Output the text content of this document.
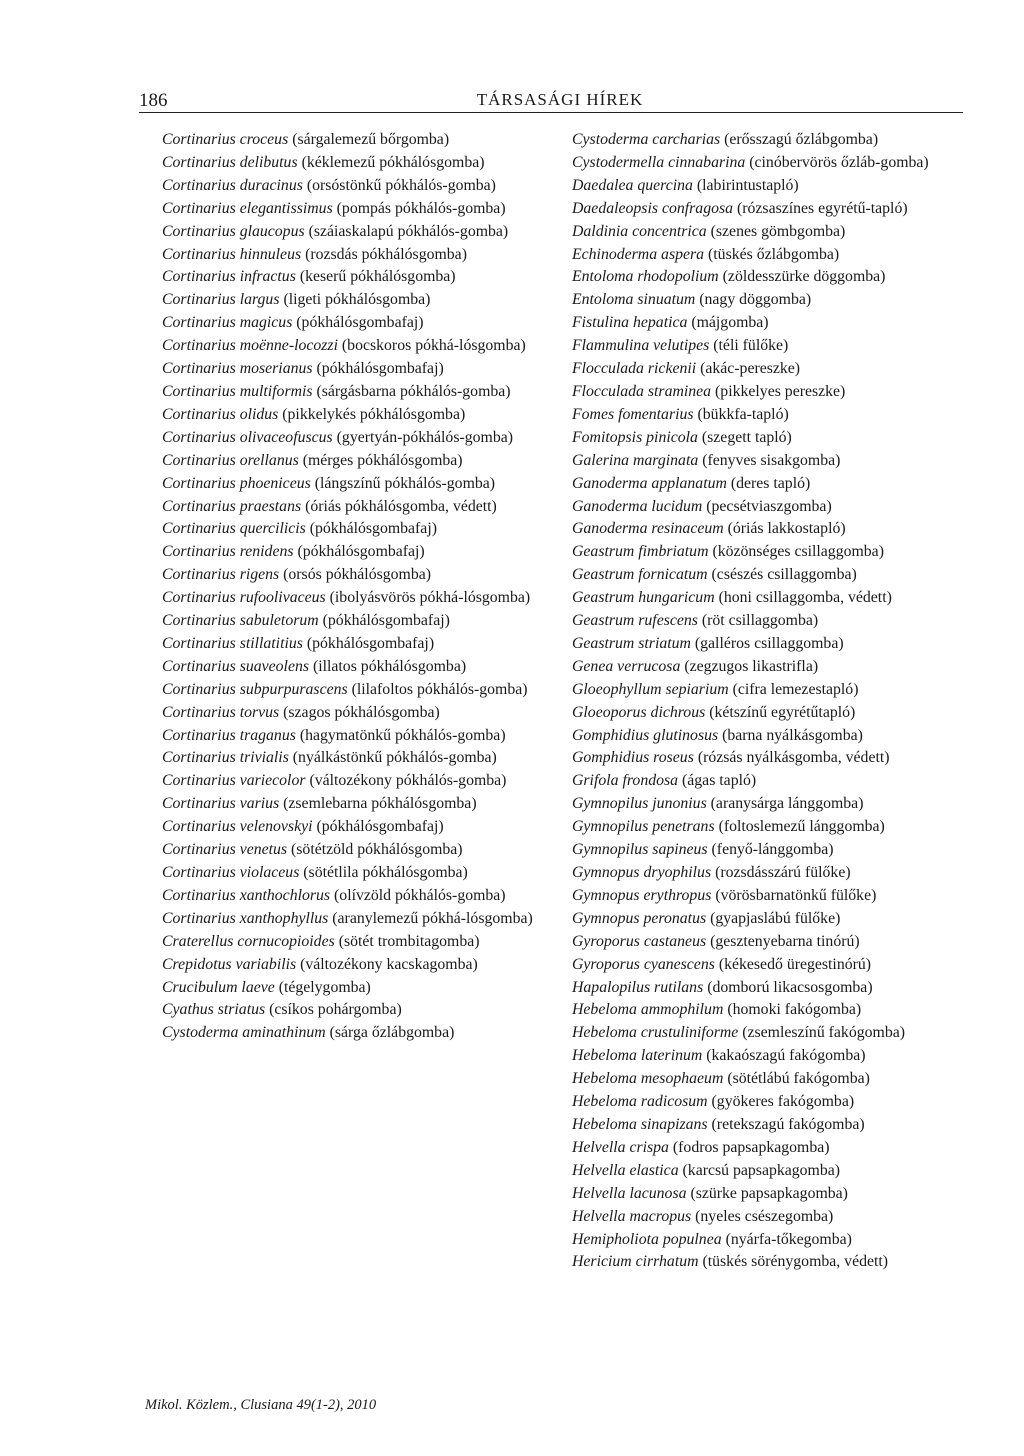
186	TÁRSASÁGI HÍREK

Cortinarius croceus (sárgalemezű bőrgomba)

Cortinarius delibutus (kéklemezű pókhálósgomba)

Cortinarius duracinus (orsóstönkű pókhálós-gomba)

Cortinarius elegantissimus (pompás pókhálós-gomba)

Cortinarius glaucopus (száiaskalapú pókhálós-gomba)

Cortinarius hinnuleus (rozsdás pókhálósgomba)

Cortinarius infractus (keserű pókhálósgomba)

Cortinarius largus (ligeti pókhálósgomba)

Cortinarius magicus (pókhálósgombafaj)

Cortinarius moënne-locozzi (bocskoros pókhá-lósgomba)

Cortinarius moserianus (pókhálósgombafaj)

Cortinarius multiformis (sárgásbarna pókhálós-gomba)

Cortinarius olidus (pikkelykés pókhálósgomba)

Cortinarius olivaceofuscus (gyertyán-pókhálós-gomba)

Cortinarius orellanus (mérges pókhálósgomba)

Cortinarius phoeniceus (lángszínű pókhálós-gomba)

Cortinarius praestans (óriás pókhálósgomba, védett)

Cortinarius quercilicis (pókhálósgombafaj)

Cortinarius renidens (pókhálósgombafaj)

Cortinarius rigens (orsós pókhálósgomba)

Cortinarius rufoolivaceus (ibolyásvörös pókhá-lósgomba)

Cortinarius sabuletorum (pókhálósgombafaj)

Cortinarius stillatitius (pókhálósgombafaj)

Cortinarius suaveolens (illatos pókhálósgomba)

Cortinarius subpurpurascens (lilafoltos pókhálós-gomba)

Cortinarius torvus (szagos pókhálósgomba)

Cortinarius traganus (hagymatönkű pókhálós-gomba)

Cortinarius trivialis (nyálkástönkű pókhálós-gomba)

Cortinarius variecolor (változékony pókhálós-gomba)

Cortinarius varius (zsemlebarna pókhálósgomba)

Cortinarius velenovskyi (pókhálósgombafaj)

Cortinarius venetus (sötétzöld pókhálósgomba)

Cortinarius violaceus (sötétlila pókhálósgomba)

Cortinarius xanthochlorus (olívzöld pókhálós-gomba)

Cortinarius xanthophyllus (aranylemezű pókhá-lósgomba)

Craterellus cornucopioides (sötét trombitagomba)

Crepidotus variabilis (változékony kacskagomba)

Crucibulum laeve (tégelygomba)

Cyathus striatus (csíkos pohárgomba)

Cystoderma aminathinum (sárga őzlábgomba)

Cystoderma carcharias (erősszagú őzlábgomba)

Cystodermella cinnabarina (cinóbervörös őzláb-gomba)

Daedalea quercina (labirintustapló)

Daedaleopsis confragosa (rózsaszínes egyrétű-tapló)

Daldinia concentrica (szenes gömbgomba)

Echinoderma aspera (tüskés őzlábgomba)

Entoloma rhodopolium (zöldesszürke döggomba)

Entoloma sinuatum (nagy döggomba)

Fistulina hepatica (májgomba)

Flammulina velutipes (téli fülőke)

Flocculada rickenii (akác-pereszke)

Flocculada straminea (pikkelyes pereszke)

Fomes fomentarius (bükkfa-tapló)

Fomitopsis pinicola (szegett tapló)

Galerina marginata (fenyves sisakgomba)

Ganoderma applanatum (deres tapló)

Ganoderma lucidum (pecsétviaszgomba)

Ganoderma resinaceum (óriás lakkostapló)

Geastrum fimbriatum (közönséges csillaggomba)

Geastrum fornicatum (csészés csillaggomba)

Geastrum hungaricum (honi csillaggomba, védett)

Geastrum rufescens (röt csillaggomba)

Geastrum striatum (galléros csillaggomba)

Genea verrucosa (zegzugos likastrifla)

Gloeophyllum sepiarium (cifra lemezestapló)

Gloeoporus dichrous (kétszínű egyrétűtapló)

Gomphidius glutinosus (barna nyálkásgomba)

Gomphidius roseus (rózsás nyálkásgomba, védett)

Grifola frondosa (ágas tapló)

Gymnopilus junonius (aranysárga lánggomba)

Gymnopilus penetrans (foltoslemezű lánggomba)

Gymnopilus sapineus (fenyő-lánggomba)

Gymnopus dryophilus (rozsdásszárú fülőke)

Gymnopus erythropus (vörösbarnatönkű fülőke)

Gymnopus peronatus (gyapjaslábú fülőke)

Gyroporus castaneus (gesztenyebarna tinórú)

Gyroporus cyanescens (kékesedő üregestinórú)

Hapalopilus rutilans (domború likacsosgomba)

Hebeloma ammophilum (homoki fakógomba)

Hebeloma crustuliniforme (zsemleszínű fakógomba)

Hebeloma laterinum (kakaószagú fakógomba)

Hebeloma mesophaeum (sötétlábú fakógomba)

Hebeloma radicosum (gyökeres fakógomba)

Hebeloma sinapizans (retekszagú fakógomba)

Helvella crispa (fodros papsapkagomba)

Helvella elastica (karcsú papsapkagomba)

Helvella lacunosa (szürke papsapkagomba)

Helvella macropus (nyeles csészegomba)

Hemipholiota populnea (nyárfa-tőkegomba)

Hericium cirrhatum (tüskés sörénygomba, védett)

Mikol. Közlem., Clusiana 49(1-2), 2010
